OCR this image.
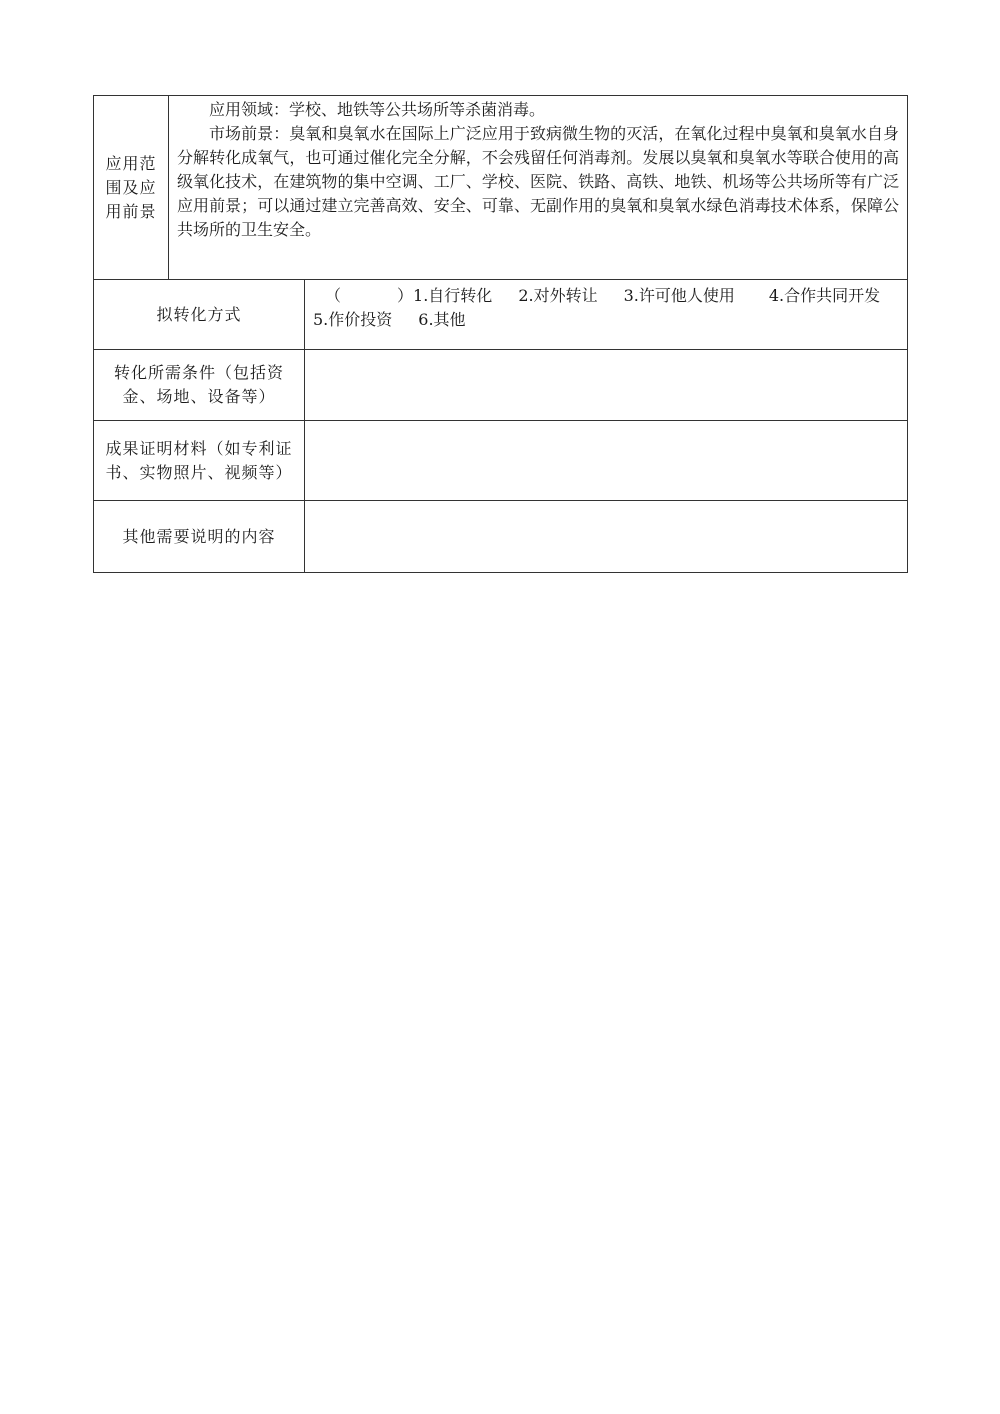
应用范围及应用前景

应用领域：学校、地铁等公共场所等杀菌消毒。

市场前景：臭氧和臭氧水在国际上广泛应用于致病微生物的灭活，在氧化过程中臭氧和臭氧水自身分解转化成氧气，也可通过催化完全分解，不会残留任何消毒剂。发展以臭氧和臭氧水等联合使用的高级氧化技术，在建筑物的集中空调、工厂、学校、医院、铁路、高铁、地铁、机场等公共场所等有广泛应用前景；可以通过建立完善高效、安全、可靠、无副作用的臭氧和臭氧水绿色消毒技术体系，保障公共场所的卫生安全。

拟转化方式
（	） 1.自行转化 2.对外转让 3.许可他人使用 4.合作共同开发
5.作价投资 6.其他
转化所需条件（包括资金、场地、设备等）
成果证明材料（如专利证书、实物照片、视频等）
其他需要说明的内容
